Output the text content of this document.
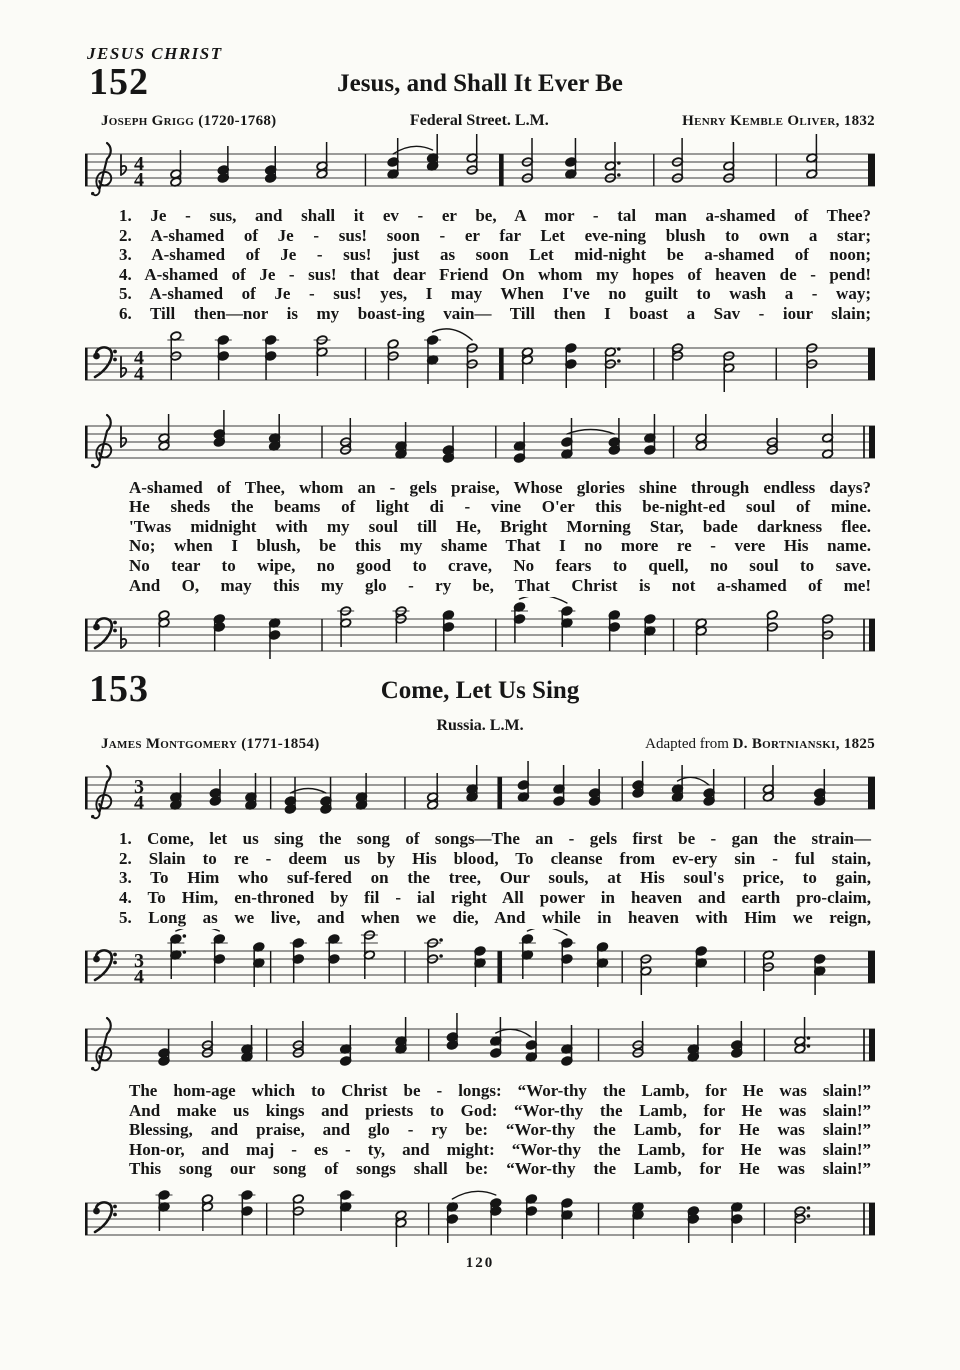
JESUS CHRIST
152	Jesus, and Shall It Ever Be
Joseph Grigg (1720-1768)	Federal Street. L.M.	Henry Kemble Oliver, 1832
4
4
1. Je - sus, and shall it ev - er be, A mor - tal man a-shamed of Thee?
2. A-shamed of Je - sus! soon - er far Let eve-ning blush to own a star;
3. A-shamed of Je - sus! just as soon Let mid-night be a-shamed of noon;
4. A-shamed of Je - sus! that dear Friend On whom my hopes of heaven de - pend!
5. A-shamed of Je - sus! yes, I may When I've no guilt to wash a - way;
6. Till then—nor is my boast-ing vain— Till then I boast a Sav - iour slain;
4
4
A-shamed of Thee, whom an - gels praise, Whose glories shine through endless days?
He sheds the beams of light di - vine O'er this be-night-ed soul of mine.
'Twas midnight with my soul till He, Bright Morning Star, bade darkness flee.
No; when I blush, be this my shame That I no more re - vere His name.
No tear to wipe, no good to crave, No fears to quell, no soul to save.
And O, may this my glo - ry be, That Christ is not a-shamed of me!
153	Come, Let Us Sing
Russia. L.M.
James Montgomery (1771-1854)	Adapted from D. Bortnianski, 1825
3
4
1. Come, let us sing the song of songs—The an - gels first be - gan the strain—
2. Slain to re - deem us by His blood, To cleanse from ev-ery sin - ful stain,
3. To Him who suf-fered on the tree, Our souls, at His soul's price, to gain,
4. To Him, en-throned by fil - ial right All power in heaven and earth pro-claim,
5. Long as we live, and when we die, And while in heaven with Him we reign,
3
4
The hom-age which to Christ be - longs: “Wor-thy the Lamb, for He was slain!”
And make us kings and priests to God: “Wor-thy the Lamb, for He was slain!”
Blessing, and praise, and glo - ry be: “Wor-thy the Lamb, for He was slain!”
Hon-or, and maj - es - ty, and might: “Wor-thy the Lamb, for He was slain!”
This song our song of songs shall be: “Wor-thy the Lamb, for He was slain!”
120
